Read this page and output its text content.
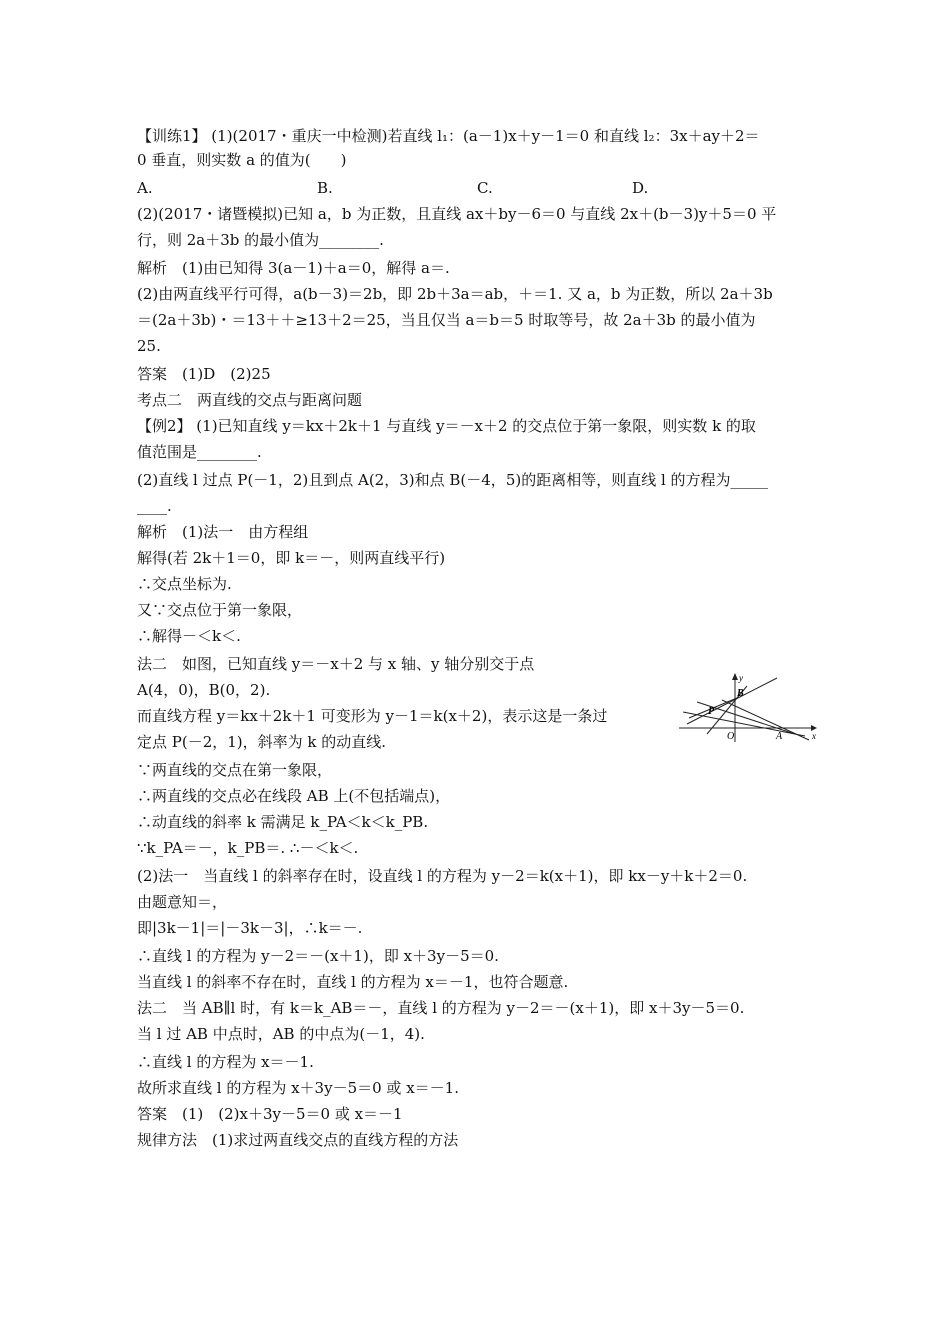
【训练1】 (1)(2017・重庆一中检测)若直线 l₁：(a－1)x＋y－1＝0 和直线 l₂：3x＋ay＋2＝
0 垂直，则实数 a 的值为(　　)
(2)(2017・诸暨模拟)已知 a，b 为正数，且直线 ax＋by－6＝0 与直线 2x＋(b－3)y＋5＝0 平
行，则 2a＋3b 的最小值为________.
解析　(1)由已知得 3(a－1)＋a＝0，解得 a＝.
(2)由两直线平行可得，a(b－3)＝2b，即 2b＋3a＝ab，＋＝1. 又 a，b 为正数，所以 2a＋3b
＝(2a＋3b)・＝13＋＋≥13＋2＝25，当且仅当 a＝b＝5 时取等号，故 2a＋3b 的最小值为
25.
答案　(1)D　(2)25
考点二　两直线的交点与距离问题
【例2】 (1)已知直线 y＝kx＋2k＋1 与直线 y＝－x＋2 的交点位于第一象限，则实数 k 的取
值范围是________.
(2)直线 l 过点 P(－1，2)且到点 A(2，3)和点 B(－4，5)的距离相等，则直线 l 的方程为_____
____.
解析　(1)法一　由方程组
解得(若 2k＋1＝0，即 k＝－，则两直线平行)
∴交点坐标为.
又∵交点位于第一象限，
∴解得－＜k＜.
法二　如图，已知直线 y＝－x＋2 与 x 轴、y 轴分别交于点
A(4，0)，B(0，2).
而直线方程 y＝kx＋2k＋1 可变形为 y－1＝k(x＋2)，表示这是一条过
定点 P(－2，1)，斜率为 k 的动直线.
∵两直线的交点在第一象限，
∴两直线的交点必在线段 AB 上(不包括端点)，
∴动直线的斜率 k 需满足 k_PA＜k＜k_PB.
∵k_PA＝－，k_PB＝. ∴－＜k＜.
(2)法一　当直线 l 的斜率存在时，设直线 l 的方程为 y－2＝k(x＋1)，即 kx－y＋k＋2＝0.
由题意知＝，
即|3k－1|＝|－3k－3|，∴k＝－.
∴直线 l 的方程为 y－2＝－(x＋1)，即 x＋3y－5＝0.
当直线 l 的斜率不存在时，直线 l 的方程为 x＝－1，也符合题意.
法二　当 AB∥l 时，有 k＝k_AB＝－，直线 l 的方程为 y－2＝－(x＋1)，即 x＋3y－5＝0.
当 l 过 AB 中点时，AB 的中点为(－1，4).
∴直线 l 的方程为 x＝－1.
故所求直线 l 的方程为 x＋3y－5＝0 或 x＝－1.
答案　(1)　(2)x＋3y－5＝0 或 x＝－1
规律方法　(1)求过两直线交点的直线方程的方法
A.	B.	C.	D.
y
x
B
P
O	A
